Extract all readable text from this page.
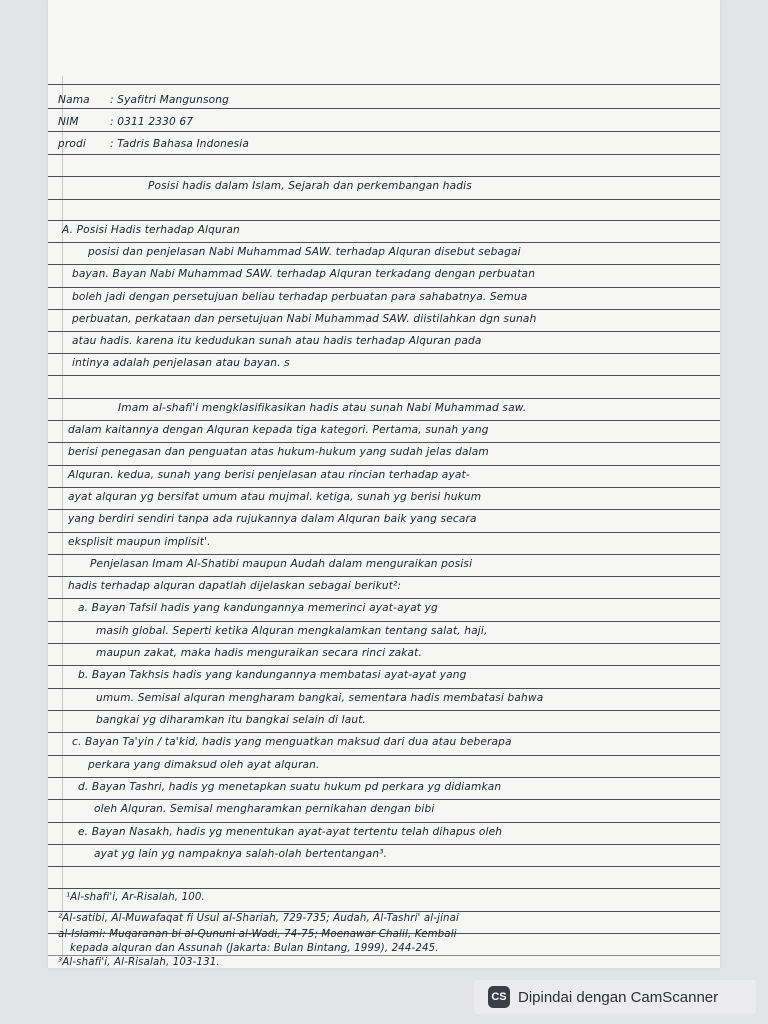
Nama : Syafitri Mangunsong
NIM	: 0311 2330 67
prodi : Tadris Bahasa Indonesia
Posisi hadis dalam Islam, Sejarah dan perkembangan hadis
A. Posisi Hadis terhadap Alquran
posisi dan penjelasan Nabi Muhammad SAW. terhadap Alquran disebut sebagai
bayan. Bayan Nabi Muhammad SAW. terhadap Alquran terkadang dengan perbuatan
boleh jadi dengan persetujuan beliau terhadap perbuatan para sahabatnya. Semua
perbuatan, perkataan dan persetujuan Nabi Muhammad SAW. diistilahkan dgn sunah
atau hadis. karena itu kedudukan sunah atau hadis terhadap Alquran pada
intinya adalah penjelasan atau bayan. s
Imam al-shafi'i mengklasifikasikan hadis atau sunah Nabi Muhammad saw.
dalam kaitannya dengan Alquran kepada tiga kategori. Pertama, sunah yang
berisi penegasan dan penguatan atas hukum-hukum yang sudah jelas dalam
Alquran. kedua, sunah yang berisi penjelasan atau rincian terhadap ayat-
ayat alquran yg bersifat umum atau mujmal. ketiga, sunah yg berisi hukum
yang berdiri sendiri tanpa ada rujukannya dalam Alquran baik yang secara
eksplisit maupun implisit'.
Penjelasan Imam Al-Shatibi maupun Audah dalam menguraikan posisi
hadis terhadap alquran dapatlah dijelaskan sebagai berikut²:
a. Bayan Tafsil hadis yang kandungannya memerinci ayat-ayat yg
masih global. Seperti ketika Alquran mengkalamkan tentang salat, haji,
maupun zakat, maka hadis menguraikan secara rinci zakat.
b. Bayan Takhsis hadis yang kandungannya membatasi ayat-ayat yang
umum. Semisal alquran mengharam bangkai, sementara hadis membatasi bahwa
bangkai yg diharamkan itu bangkai selain di laut.
c. Bayan Ta'yin / ta'kid, hadis yang menguatkan maksud dari dua atau beberapa
perkara yang dimaksud oleh ayat alquran.
d. Bayan Tashri, hadis yg menetapkan suatu hukum pd perkara yg didiamkan
oleh Alquran. Semisal mengharamkan pernikahan dengan bibi
e. Bayan Nasakh, hadis yg menentukan ayat-ayat tertentu telah dihapus oleh
ayat yg lain yg nampaknya salah-olah bertentangan³.
¹Al-shafi'i, Ar-Risalah, 100.
²Al-satibi, Al-Muwafaqat fi Usul al-Shariah, 729-735; Audah, Al-Tashri' al-jinai
al-Islami: Muqaranan bi al-Qununi al-Wadi, 74-75; Moenawar Chalil, Kembali
kepada alquran dan Assunah (Jakarta: Bulan Bintang, 1999), 244-245.
³Al-shafi'i, Al-Risalah, 103-131.
CS Dipindai dengan CamScanner
